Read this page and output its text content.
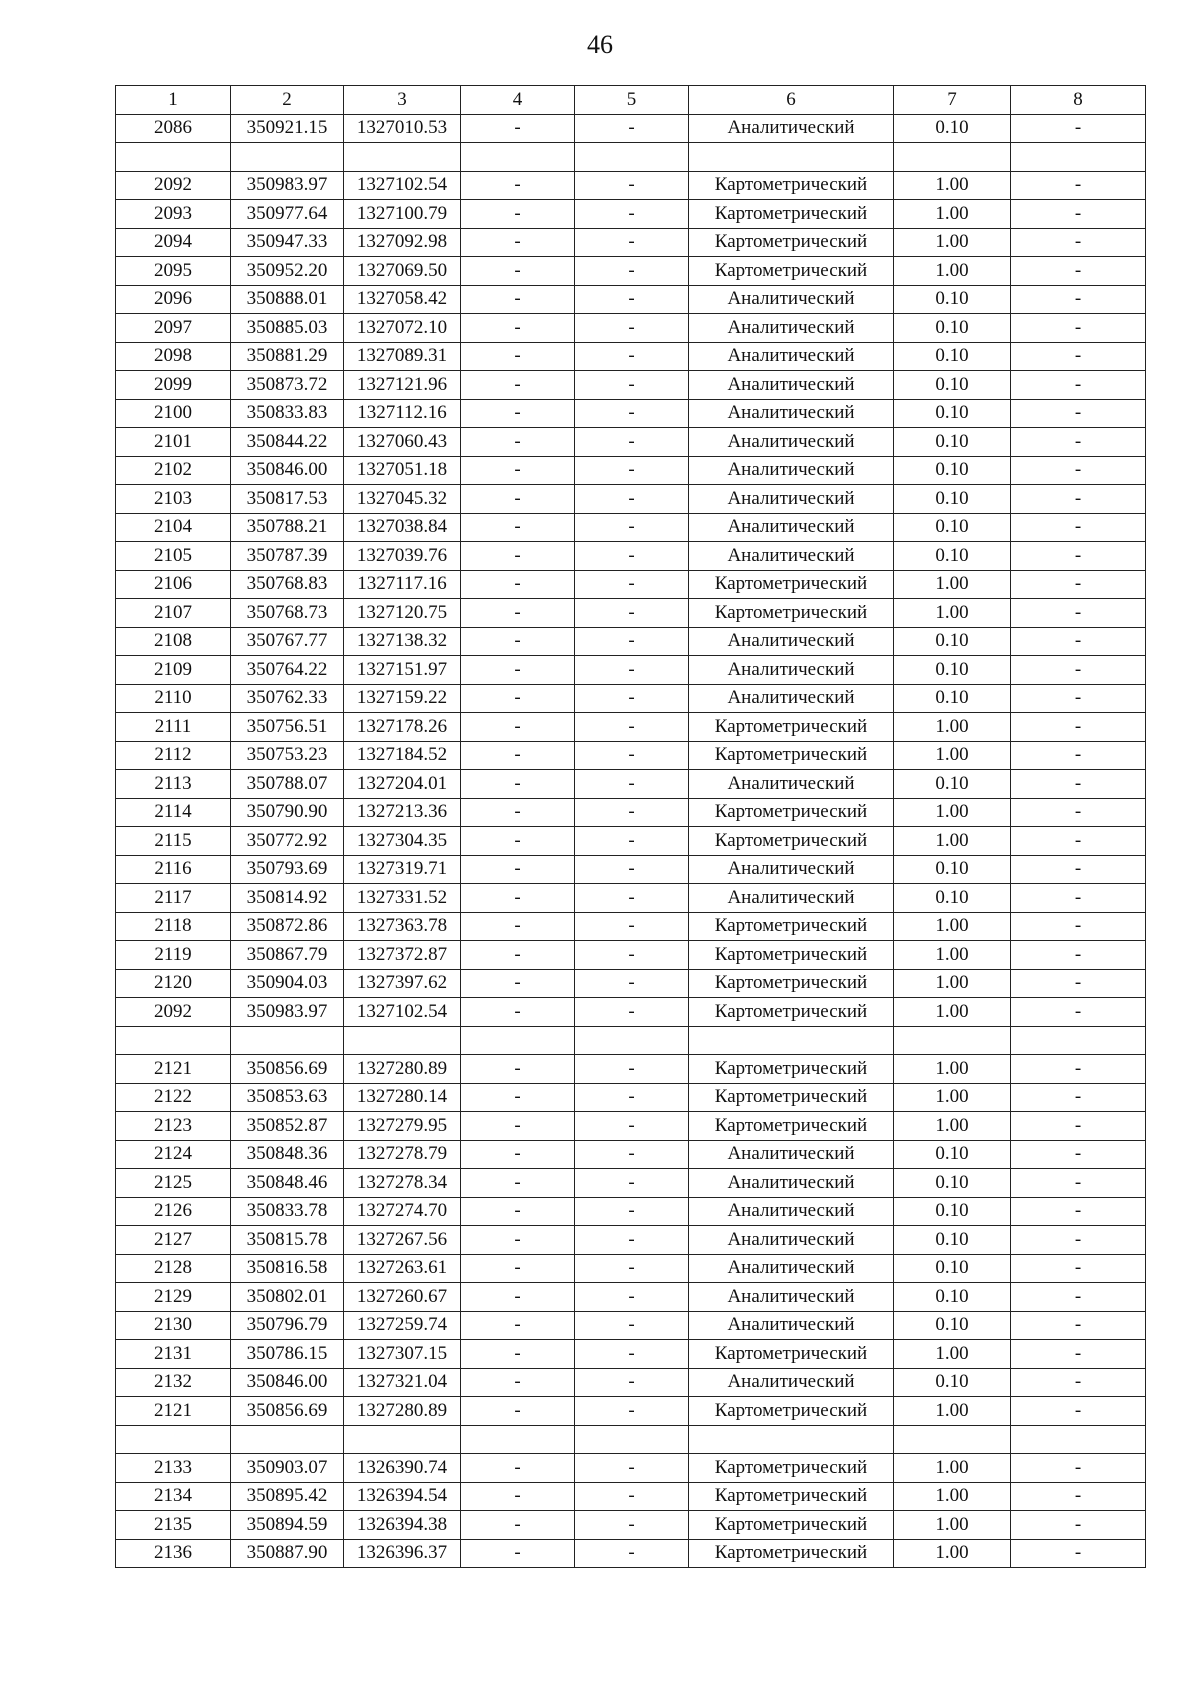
46
1	2	3	4	5	6	7	8
2086	350921.15	1327010.53	-	-	Аналитический	0.10	-

2092	350983.97	1327102.54	-	-	Картометрический	1.00	-
2093	350977.64	1327100.79	-	-	Картометрический	1.00	-
2094	350947.33	1327092.98	-	-	Картометрический	1.00	-
2095	350952.20	1327069.50	-	-	Картометрический	1.00	-
2096	350888.01	1327058.42	-	-	Аналитический	0.10	-
2097	350885.03	1327072.10	-	-	Аналитический	0.10	-
2098	350881.29	1327089.31	-	-	Аналитический	0.10	-
2099	350873.72	1327121.96	-	-	Аналитический	0.10	-
2100	350833.83	1327112.16	-	-	Аналитический	0.10	-
2101	350844.22	1327060.43	-	-	Аналитический	0.10	-
2102	350846.00	1327051.18	-	-	Аналитический	0.10	-
2103	350817.53	1327045.32	-	-	Аналитический	0.10	-
2104	350788.21	1327038.84	-	-	Аналитический	0.10	-
2105	350787.39	1327039.76	-	-	Аналитический	0.10	-
2106	350768.83	1327117.16	-	-	Картометрический	1.00	-
2107	350768.73	1327120.75	-	-	Картометрический	1.00	-
2108	350767.77	1327138.32	-	-	Аналитический	0.10	-
2109	350764.22	1327151.97	-	-	Аналитический	0.10	-
2110	350762.33	1327159.22	-	-	Аналитический	0.10	-
2111	350756.51	1327178.26	-	-	Картометрический	1.00	-
2112	350753.23	1327184.52	-	-	Картометрический	1.00	-
2113	350788.07	1327204.01	-	-	Аналитический	0.10	-
2114	350790.90	1327213.36	-	-	Картометрический	1.00	-
2115	350772.92	1327304.35	-	-	Картометрический	1.00	-
2116	350793.69	1327319.71	-	-	Аналитический	0.10	-
2117	350814.92	1327331.52	-	-	Аналитический	0.10	-
2118	350872.86	1327363.78	-	-	Картометрический	1.00	-
2119	350867.79	1327372.87	-	-	Картометрический	1.00	-
2120	350904.03	1327397.62	-	-	Картометрический	1.00	-
2092	350983.97	1327102.54	-	-	Картометрический	1.00	-

2121	350856.69	1327280.89	-	-	Картометрический	1.00	-
2122	350853.63	1327280.14	-	-	Картометрический	1.00	-
2123	350852.87	1327279.95	-	-	Картометрический	1.00	-
2124	350848.36	1327278.79	-	-	Аналитический	0.10	-
2125	350848.46	1327278.34	-	-	Аналитический	0.10	-
2126	350833.78	1327274.70	-	-	Аналитический	0.10	-
2127	350815.78	1327267.56	-	-	Аналитический	0.10	-
2128	350816.58	1327263.61	-	-	Аналитический	0.10	-
2129	350802.01	1327260.67	-	-	Аналитический	0.10	-
2130	350796.79	1327259.74	-	-	Аналитический	0.10	-
2131	350786.15	1327307.15	-	-	Картометрический	1.00	-
2132	350846.00	1327321.04	-	-	Аналитический	0.10	-
2121	350856.69	1327280.89	-	-	Картометрический	1.00	-

2133	350903.07	1326390.74	-	-	Картометрический	1.00	-
2134	350895.42	1326394.54	-	-	Картометрический	1.00	-
2135	350894.59	1326394.38	-	-	Картометрический	1.00	-
2136	350887.90	1326396.37	-	-	Картометрический	1.00	-
